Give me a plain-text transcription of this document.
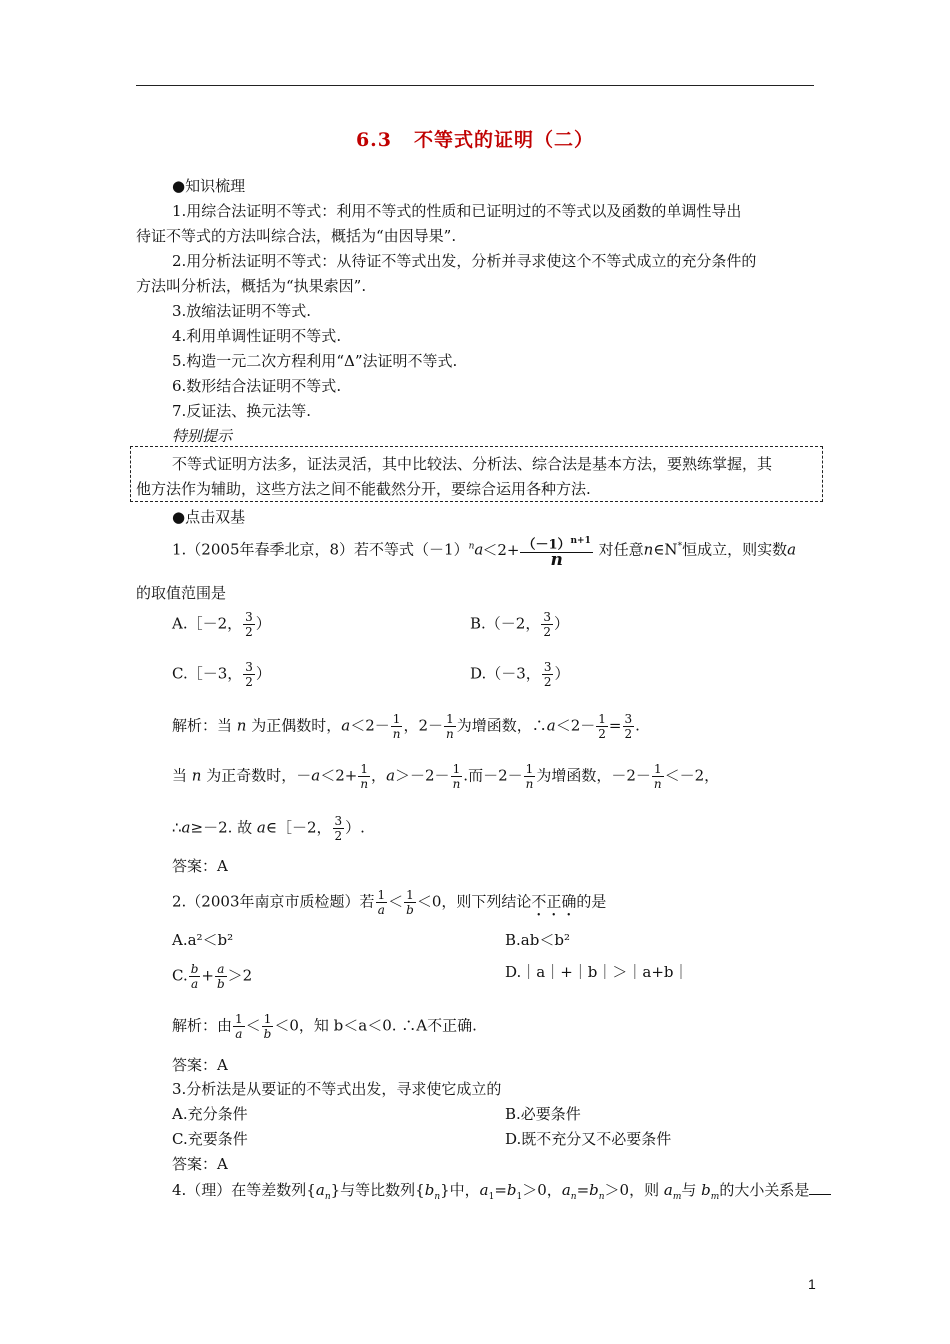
6.3 不等式的证明（二）
●知识梳理
1.用综合法证明不等式：利用不等式的性质和已证明过的不等式以及函数的单调性导出
待证不等式的方法叫综合法，概括为“由因导果”.
2.用分析法证明不等式：从待证不等式出发，分析并寻求使这个不等式成立的充分条件的
方法叫分析法，概括为“执果索因”.
3.放缩法证明不等式.
4.利用单调性证明不等式.
5.构造一元二次方程利用“Δ”法证明不等式.
6.数形结合法证明不等式.
7.反证法、换元法等.
特别提示
不等式证明方法多，证法灵活，其中比较法、分析法、综合法是基本方法，要熟练掌握，其
他方法作为辅助，这些方法之间不能截然分开，要综合运用各种方法.
●点击双基
1.（2005年春季北京，8）若不等式$(-1)^na<2+ \frac{(-1)^{n+1}}{n}$ 对任意n∈N*恒成立，则实数a
的取值范围是
A.［－2， $\frac{3}{2}$ ）	B.（－2， $\frac{3}{2}$ ）
C.［－3， $\frac{3}{2}$ ）	D.（－3， $\frac{3}{2}$ ）
解析：当 n 为正偶数时，$a<2- \frac{1}{n}$ ，$2- \frac{1}{n}$ 为增函数，∴a＜2－ $\frac{1}{2} = \frac{3}{2}$ .
当 n 为正奇数时，$-a<2+ \frac{1}{n}$ ，$a>-2- \frac{1}{n}$ .而$-2- \frac{1}{n}$ 为增函数，$-2- \frac{1}{n} <-2$，
∴a≥－2. 故 a∈［－2， $\frac{3}{2}$ ）.
答案：A
2.（2003年南京市质检题）若 $\frac{1}{a} < \frac{1}{b} <0$，则下列结论不正确的是
A.a²＜b²	B.ab＜b²
C. $\frac{b}{a} + \frac{a}{b} >2$	D.｜a｜+｜b｜＞｜a+b｜
解析：由 $\frac{1}{a} < \frac{1}{b} <0$，知 b＜a＜0. ∴A不正确.
答案：A
3.分析法是从要证的不等式出发，寻求使它成立的
A.充分条件	B.必要条件
C.充要条件	D.既不充分又不必要条件
答案：A
4.（理）在等差数列$\{a_n\}$与等比数列$\{b_n\}$中，$a_1=b_1>0$，$a_n=b_n>0$，则 $a_m$与 $b_m$的大小关系是
1
